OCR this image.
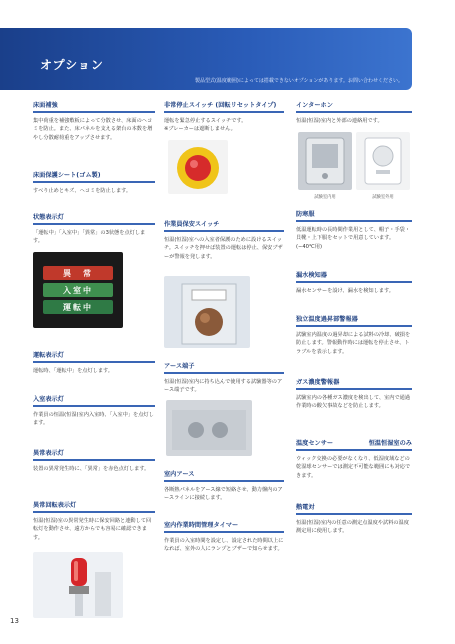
オプション
製品型式(温度範囲)によっては搭載できないオプションがあります。お問い合わせください。
床面補強
集中荷重を補強敷板によって分散させ、床面のヘコミを防止。また、床パネルを支える架台の本数を増やし分散耐荷重をアップさせます。
床面保護シート(ゴム製)
すべり止めとキズ、ヘコミを防止します。
状態表示灯
「運転中」「入室中」「異常」の3状態を点灯します。
異　常
入室中
運転中
運転表示灯
運転時、「運転中」を点灯します。
入室表示灯
作業員の恒温(恒湿)室内入室時、「入室中」を点灯します。
異常表示灯
装置の異常発生時に、「異常」を赤色点灯します。
異常回転表示灯
恒温(恒湿)室の異常発生時に保安回路と連動して回転灯を動作させ、遠方からでも容易に確認できます。
非常停止スイッチ (回転リセットタイプ)
運転を緊急停止するスイッチです。
※ブレーカーは遮断しません。
作業員保安スイッチ
恒温(恒湿)室への入室者保護のために設けるスイッチ。スイッチを押せば装置の運転は停止、保安ブザーが警報を発します。
アース端子
恒温(恒湿)室内に持ち込んで使用する試験器等のアース端子です。
室内アース
各断熱パネルをアース線で短絡させ、動力盤内のアースラインに接続します。
室内作業時間管理タイマー
作業員の入室時間を設定し、設定された時間以上になれば、室外の人にランプとブザーで知らせます。
インターホン
恒温(恒湿)室内と外部の連絡用です。
試験室内用	試験室外用
防寒服
低温運転時の長時間作業用として、帽子・手袋・貝靴・上下服をセットで用意しています。(−40℃用)
漏水検知器
漏水センサーを設け、漏水を検知します。
独立温度過昇部警報器
試験室内温度の過昇却による試料の冷却、破損を防止します。警報動作時には運転を停止させ、トラブルを表示します。
ガス濃度警報器
試験室内の各種ガス濃度を検出して、室内で通過作業時の酸欠事故などを防止します。
温度センサー	恒温恒湿室のみ
ウィック交換の必要がなくなり、低湿度域などの乾湿球センサーでは測定不可能な範囲にも対応できます。
熱電対
恒温(恒湿)室内の任意の測定点温度や試料の温度測定用に使用します。
13
